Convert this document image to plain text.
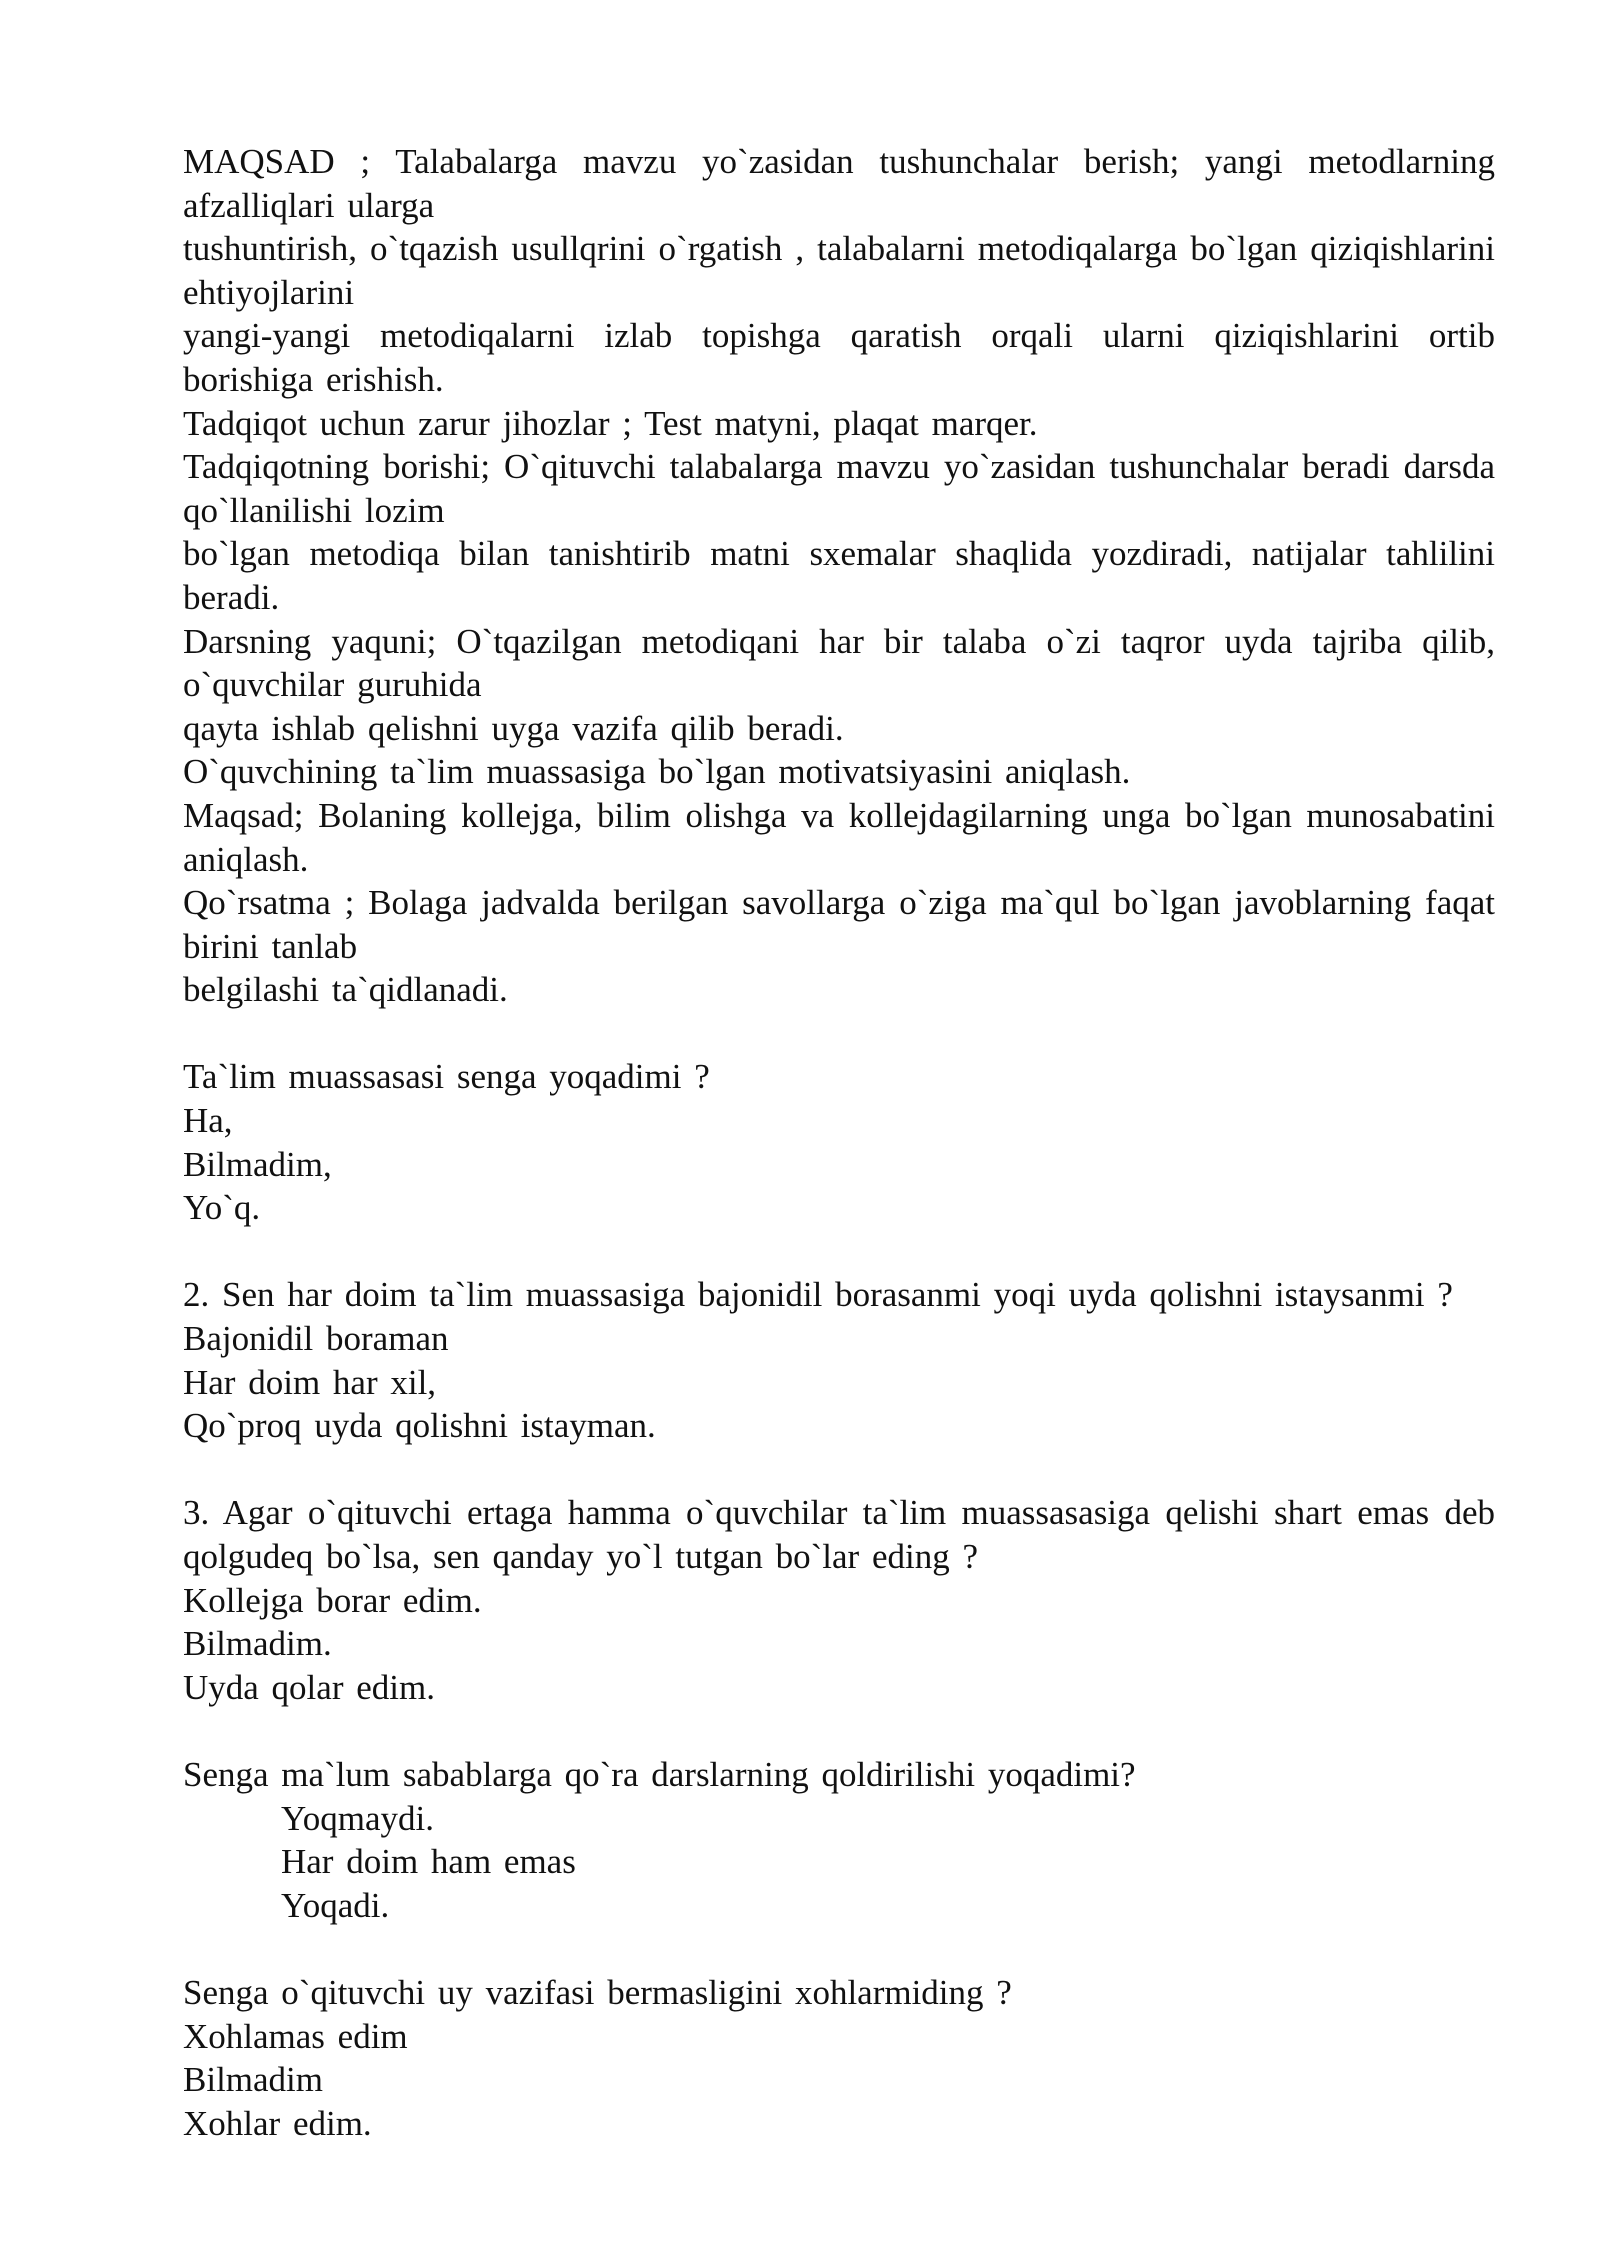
MAQSAD ; Talabalarga mavzu yo`zasidan tushunchalar berish; yangi metodlarning afzalliqlari ularga
tushuntirish, o`tqazish usullqrini o`rgatish , talabalarni metodiqalarga bo`lgan qiziqishlarini ehtiyojlarini
yangi-yangi metodiqalarni izlab topishga qaratish orqali ularni qiziqishlarini ortib borishiga erishish.
Tadqiqot uchun zarur jihozlar ; Test matyni, plaqat marqer.
Tadqiqotning borishi; O`qituvchi talabalarga mavzu yo`zasidan tushunchalar beradi darsda qo`llanilishi lozim
bo`lgan metodiqa bilan tanishtirib matni sxemalar shaqlida yozdiradi, natijalar tahlilini beradi.
Darsning yaquni; O`tqazilgan metodiqani har bir talaba o`zi taqror uyda tajriba qilib, o`quvchilar guruhida
qayta ishlab qelishni uyga vazifa qilib beradi.
O`quvchining ta`lim muassasiga bo`lgan motivatsiyasini aniqlash.
Maqsad; Bolaning kollejga, bilim olishga va kollejdagilarning unga bo`lgan munosabatini aniqlash.
Qo`rsatma ; Bolaga jadvalda berilgan savollarga o`ziga ma`qul bo`lgan javoblarning faqat birini tanlab
belgilashi ta`qidlanadi.
Ta`lim muassasasi senga yoqadimi ?
Ha,
Bilmadim,
Yo`q.
2. Sen har doim ta`lim muassasiga bajonidil borasanmi yoqi uyda qolishni istaysanmi ?
Bajonidil boraman
Har doim har xil,
Qo`proq uyda qolishni istayman.
3. Agar o`qituvchi ertaga hamma o`quvchilar ta`lim muassasasiga qelishi shart emas deb qolgudeq bo`lsa, sen qanday yo`l tutgan bo`lar eding ?
Kollejga borar edim.
Bilmadim.
Uyda qolar edim.
Senga ma`lum sabablarga qo`ra darslarning qoldirilishi yoqadimi?
Yoqmaydi.
Har doim ham emas
Yoqadi.
Senga o`qituvchi uy vazifasi bermasligini xohlarmiding ?
Xohlamas edim
Bilmadim
Xohlar edim.
